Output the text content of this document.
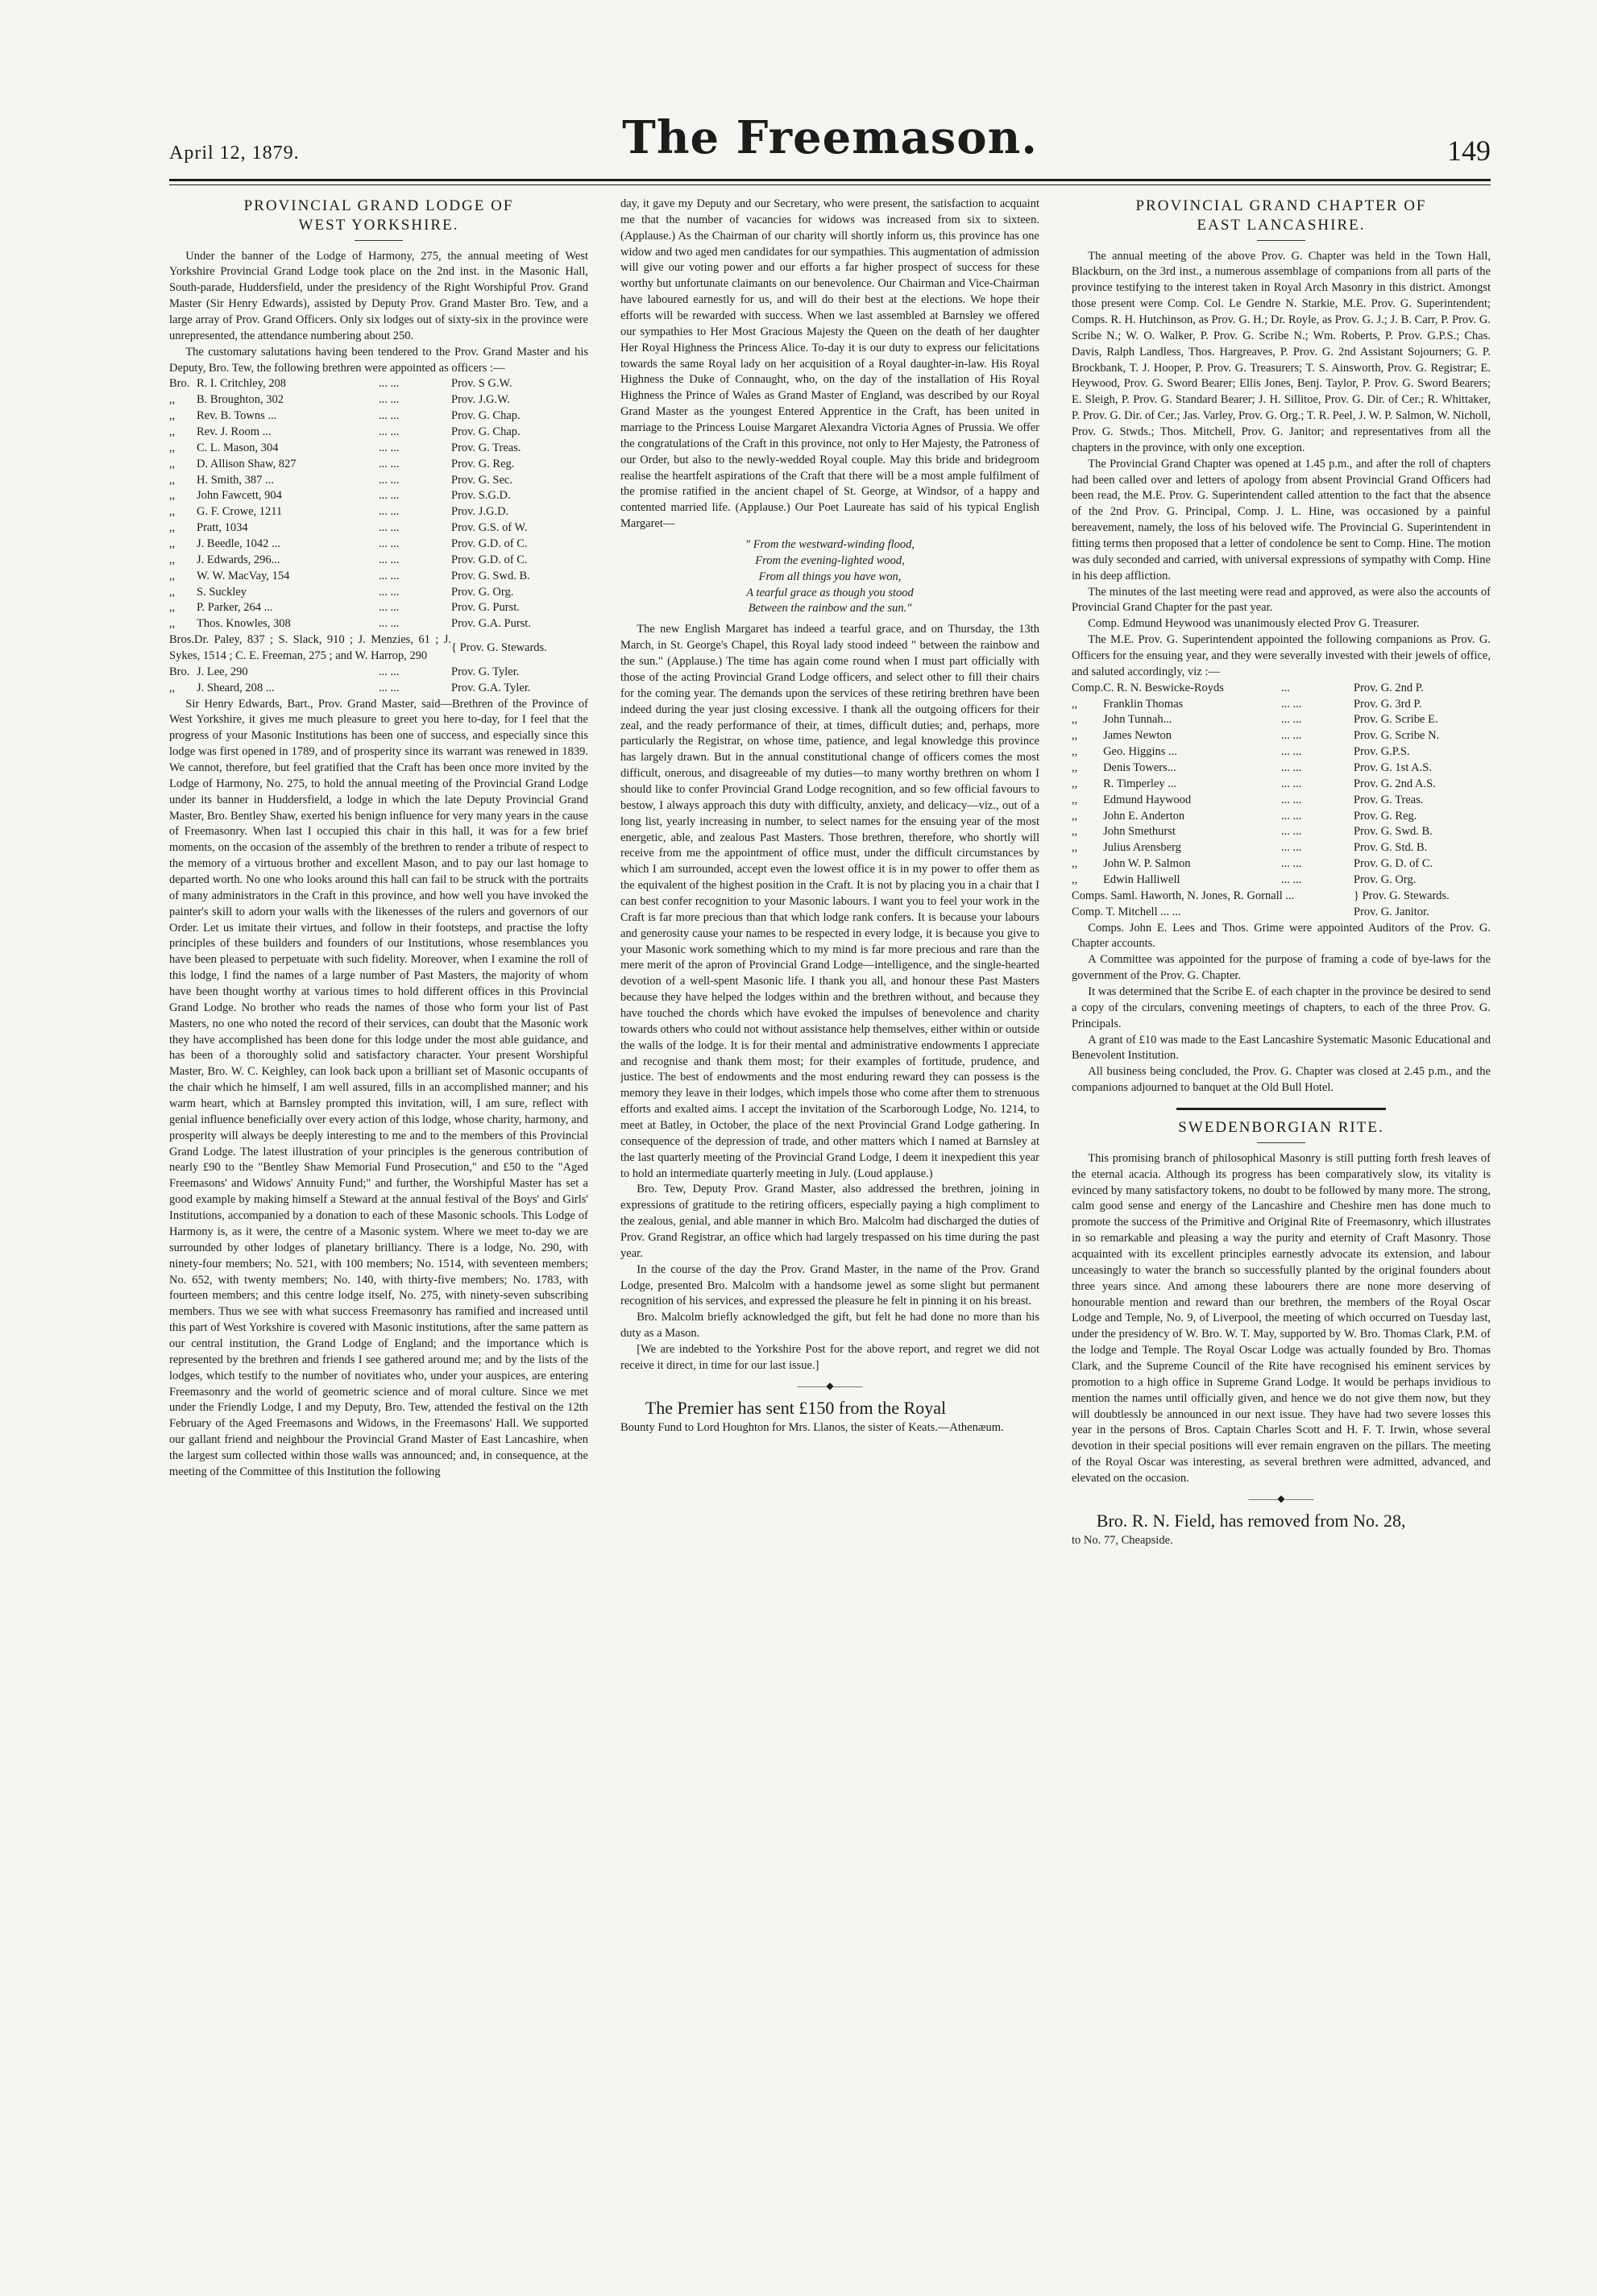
April 12, 1879.	The Freemason.	149
PROVINCIAL GRAND LODGE OF
WEST YORKSHIRE.

Under the banner of the Lodge of Harmony, 275, the annual meeting of West Yorkshire Provincial Grand Lodge took place on the 2nd inst. in the Masonic Hall, South-parade, Huddersfield, under the presidency of the Right Worshipful Prov. Grand Master (Sir Henry Edwards), assisted by Deputy Prov. Grand Master Bro. Tew, and a large array of Prov. Grand Officers. Only six lodges out of sixty-six in the province were unrepresented, the attendance numbering about 250.

The customary salutations having been tendered to the Prov. Grand Master and his Deputy, Bro. Tew, the following brethren were appointed as officers :—

Bro.	R. I. Critchley, 208	... ...	Prov. S G.W.
,,	B. Broughton, 302	... ...	Prov. J.G.W.
,,	Rev. B. Towns ...	... ...	Prov. G. Chap.
,,	Rev. J. Room ...	... ...	Prov. G. Chap.
,,	C. L. Mason, 304	... ...	Prov. G. Treas.
,,	D. Allison Shaw, 827	... ...	Prov. G. Reg.
,,	H. Smith, 387 ...	... ...	Prov. G. Sec.
,,	John Fawcett, 904	... ...	Prov. S.G.D.
,,	G. F. Crowe, 1211	... ...	Prov. J.G.D.
,,	Pratt, 1034	... ...	Prov. G.S. of W.
,,	J. Beedle, 1042 ...	... ...	Prov. G.D. of C.
,,	J. Edwards, 296...	... ...	Prov. G.D. of C.
,,	W. W. MacVay, 154	... ...	Prov. G. Swd. B.
,,	S. Suckley	... ...	Prov. G. Org.
,,	P. Parker, 264 ...	... ...	Prov. G. Purst.
,,	Thos. Knowles, 308	... ...	Prov. G.A. Purst.
Bros.Dr. Paley, 837 ; S. Slack, 910 ; J. Menzies, 61 ; J. Sykes, 1514 ; C. E. Freeman, 275 ; and W. Harrop, 290	{ Prov. G. Stewards.
Bro.	J. Lee, 290	... ...	Prov. G. Tyler.
,,	J. Sheard, 208 ...	... ...	Prov. G.A. Tyler.

Sir Henry Edwards, Bart., Prov. Grand Master, said—Brethren of the Province of West Yorkshire, it gives me much pleasure to greet you here to-day, for I feel that the progress of your Masonic Institutions has been one of success, and especially since this lodge was first opened in 1789, and of prosperity since its warrant was renewed in 1839. We cannot, therefore, but feel gratified that the Craft has been once more invited by the Lodge of Harmony, No. 275, to hold the annual meeting of the Provincial Grand Lodge under its banner in Huddersfield, a lodge in which the late Deputy Provincial Grand Master, Bro. Bentley Shaw, exerted his benign influence for very many years in the cause of Freemasonry. When last I occupied this chair in this hall, it was for a few brief moments, on the occasion of the assembly of the brethren to render a tribute of respect to the memory of a virtuous brother and excellent Mason, and to pay our last homage to departed worth. No one who looks around this hall can fail to be struck with the portraits of many administrators in the Craft in this province, and how well you have invoked the painter's skill to adorn your walls with the likenesses of the rulers and governors of our Order. Let us imitate their virtues, and follow in their footsteps, and practise the lofty principles of these builders and founders of our Institutions, whose resemblances you have been pleased to perpetuate with such fidelity. Moreover, when I examine the roll of this lodge, I find the names of a large number of Past Masters, the majority of whom have been thought worthy at various times to hold different offices in this Provincial Grand Lodge. No brother who reads the names of those who form your list of Past Masters, no one who noted the record of their services, can doubt that the Masonic work they have accomplished has been done for this lodge under the most able guidance, and has been of a thoroughly solid and satisfactory character. Your present Worshipful Master, Bro. W. C. Keighley, can look back upon a brilliant set of Masonic occupants of the chair which he himself, I am well assured, fills in an accomplished manner; and his warm heart, which at Barnsley prompted this invitation, will, I am sure, reflect with genial influence beneficially over every action of this lodge, whose charity, harmony, and prosperity will always be deeply interesting to me and to the members of this Provincial Grand Lodge. The latest illustration of your principles is the generous contribution of nearly £90 to the "Bentley Shaw Memorial Fund Prosecution," and £50 to the "Aged Freemasons' and Widows' Annuity Fund;" and further, the Worshipful Master has set a good example by making himself a Steward at the annual festival of the Boys' and Girls' Institutions, accompanied by a donation to each of these Masonic schools. This Lodge of Harmony is, as it were, the centre of a Masonic system. Where we meet to-day we are surrounded by other lodges of planetary brilliancy. There is a lodge, No. 290, with ninety-four members; No. 521, with 100 members; No. 1514, with seventeen members; No. 652, with twenty members; No. 140, with thirty-five members; No. 1783, with fourteen members; and this centre lodge itself, No. 275, with ninety-seven subscribing members. Thus we see with what success Freemasonry has ramified and increased until this part of West Yorkshire is covered with Masonic institutions, after the same pattern as our central institution, the Grand Lodge of England; and the importance which is represented by the brethren and friends I see gathered around me; and by the lists of the lodges, which testify to the number of novitiates who, under your auspices, are entering Freemasonry and the world of geometric science and of moral culture. Since we met under the Friendly Lodge, I and my Deputy, Bro. Tew, attended the festival on the 12th February of the Aged Freemasons and Widows, in the Freemasons' Hall. We supported our gallant friend and neighbour the Provincial Grand Master of East Lancashire, when the largest sum collected within those walls was announced; and, in consequence, at the meeting of the Committee of this Institution the following

day, it gave my Deputy and our Secretary, who were present, the satisfaction to acquaint me that the number of vacancies for widows was increased from six to sixteen. (Applause.) As the Chairman of our charity will shortly inform us, this province has one widow and two aged men candidates for our sympathies. This augmentation of admission will give our voting power and our efforts a far higher prospect of success for these worthy but unfortunate claimants on our benevolence. Our Chairman and Vice-Chairman have laboured earnestly for us, and will do their best at the elections. We hope their efforts will be rewarded with success. When we last assembled at Barnsley we offered our sympathies to Her Most Gracious Majesty the Queen on the death of her daughter Her Royal Highness the Princess Alice. To-day it is our duty to express our felicitations towards the same Royal lady on her acquisition of a Royal daughter-in-law. His Royal Highness the Duke of Connaught, who, on the day of the installation of His Royal Highness the Prince of Wales as Grand Master of England, was described by our Royal Grand Master as the youngest Entered Apprentice in the Craft, has been united in marriage to the Princess Louise Margaret Alexandra Victoria Agnes of Prussia. We offer the congratulations of the Craft in this province, not only to Her Majesty, the Patroness of our Order, but also to the newly-wedded Royal couple. May this bride and bridegroom realise the heartfelt aspirations of the Craft that there will be a most ample fulfilment of the promise ratified in the ancient chapel of St. George, at Windsor, of a happy and contented married life. (Applause.) Our Poet Laureate has said of his typical English Margaret—

" From the westward-winding flood,
From the evening-lighted wood,
From all things you have won,
A tearful grace as though you stood
Between the rainbow and the sun."

The new English Margaret has indeed a tearful grace, and on Thursday, the 13th March, in St. George's Chapel, this Royal lady stood indeed " between the rainbow and the sun." (Applause.) The time has again come round when I must part officially with those of the acting Provincial Grand Lodge officers, and select other to fill their chairs for the coming year. The demands upon the services of these retiring brethren have been indeed during the year just closing excessive. I thank all the outgoing officers for their zeal, and the ready performance of their, at times, difficult duties; and, perhaps, more particularly the Registrar, on whose time, patience, and legal knowledge this province has largely drawn. But in the annual constitutional change of officers comes the most difficult, onerous, and disagreeable of my duties—to many worthy brethren on whom I should like to confer Provincial Grand Lodge recognition, and so few official favours to bestow, I always approach this duty with difficulty, anxiety, and delicacy—viz., out of a long list, yearly increasing in number, to select names for the ensuing year of the most energetic, able, and zealous Past Masters. Those brethren, therefore, who shortly will receive from me the appointment of office must, under the difficult circumstances by which I am surrounded, accept even the lowest office it is in my power to offer them as the equivalent of the highest position in the Craft. It is not by placing you in a chair that I can best confer recognition to your Masonic labours. I want you to feel your work in the Craft is far more precious than that which lodge rank confers. It is because your labours and generosity cause your names to be respected in every lodge, it is because you give to your Masonic work something which to my mind is far more precious and rare than the mere merit of the apron of Provincial Grand Lodge—intelligence, and the single-hearted devotion of a well-spent Masonic life. I thank you all, and honour these Past Masters because they have helped the lodges within and the brethren without, and because they have touched the chords which have evoked the impulses of benevolence and charity towards others who could not without assistance help themselves, either within or outside the walls of the lodge. It is for their mental and administrative endowments I appreciate and recognise and thank them most; for their examples of fortitude, prudence, and justice. The best of endowments and the most enduring reward they can possess is the memory they leave in their lodges, which impels those who come after them to strenuous efforts and exalted aims. I accept the invitation of the Scarborough Lodge, No. 1214, to meet at Batley, in October, the place of the next Provincial Grand Lodge gathering. In consequence of the depression of trade, and other matters which I named at Barnsley at the last quarterly meeting of the Provincial Grand Lodge, I deem it inexpedient this year to hold an intermediate quarterly meeting in July. (Loud applause.)

Bro. Tew, Deputy Prov. Grand Master, also addressed the brethren, joining in expressions of gratitude to the retiring officers, especially paying a high compliment to the zealous, genial, and able manner in which Bro. Malcolm had discharged the duties of Prov. Grand Registrar, an office which had largely trespassed on his time during the past year.

In the course of the day the Prov. Grand Master, in the name of the Prov. Grand Lodge, presented Bro. Malcolm with a handsome jewel as some slight but permanent recognition of his services, and expressed the pleasure he felt in pinning it on his breast.

Bro. Malcolm briefly acknowledged the gift, but felt he had done no more than his duty as a Mason.

[We are indebted to the Yorkshire Post for the above report, and regret we did not receive it direct, in time for our last issue.]

———◆———

The Premier has sent £150 from the Royal

Bounty Fund to Lord Houghton for Mrs. Llanos, the sister of Keats.—Athenæum.

PROVINCIAL GRAND CHAPTER OF
EAST LANCASHIRE.

The annual meeting of the above Prov. G. Chapter was held in the Town Hall, Blackburn, on the 3rd inst., a numerous assemblage of companions from all parts of the province testifying to the interest taken in Royal Arch Masonry in this district. Amongst those present were Comp. Col. Le Gendre N. Starkie, M.E. Prov. G. Superintendent; Comps. R. H. Hutchinson, as Prov. G. H.; Dr. Royle, as Prov. G. J.; J. B. Carr, P. Prov. G. Scribe N.; W. O. Walker, P. Prov. G. Scribe N.; Wm. Roberts, P. Prov. G.P.S.; Chas. Davis, Ralph Landless, Thos. Hargreaves, P. Prov. G. 2nd Assistant Sojourners; G. P. Brockbank, T. J. Hooper, P. Prov. G. Treasurers; T. S. Ainsworth, Prov. G. Registrar; E. Heywood, Prov. G. Sword Bearer; Ellis Jones, Benj. Taylor, P. Prov. G. Sword Bearers; E. Sleigh, P. Prov. G. Standard Bearer; J. H. Sillitoe, Prov. G. Dir. of Cer.; R. Whittaker, P. Prov. G. Dir. of Cer.; Jas. Varley, Prov. G. Org.; T. R. Peel, J. W. P. Salmon, W. Nicholl, Prov. G. Stwds.; Thos. Mitchell, Prov. G. Janitor; and representatives from all the chapters in the province, with only one exception.

The Provincial Grand Chapter was opened at 1.45 p.m., and after the roll of chapters had been called over and letters of apology from absent Provincial Grand Officers had been read, the M.E. Prov. G. Superintendent called attention to the fact that the absence of the 2nd Prov. G. Principal, Comp. J. L. Hine, was occasioned by a painful bereavement, namely, the loss of his beloved wife. The Provincial G. Superintendent in fitting terms then proposed that a letter of condolence be sent to Comp. Hine. The motion was duly seconded and carried, with universal expressions of sympathy with Comp. Hine in his deep affliction.

The minutes of the last meeting were read and approved, as were also the accounts of Provincial Grand Chapter for the past year.

Comp. Edmund Heywood was unanimously elected Prov G. Treasurer.

The M.E. Prov. G. Superintendent appointed the following companions as Prov. G. Officers for the ensuing year, and they were severally invested with their jewels of office, and saluted accordingly, viz :—

Comp.	C. R. N. Beswicke-Royds	...	Prov. G. 2nd P.
,,	Franklin Thomas	... ...	Prov. G. 3rd P.
,,	John Tunnah...	... ...	Prov. G. Scribe E.
,,	James Newton	... ...	Prov. G. Scribe N.
,,	Geo. Higgins ...	... ...	Prov. G.P.S.
,,	Denis Towers...	... ...	Prov. G. 1st A.S.
,,	R. Timperley ...	... ...	Prov. G. 2nd A.S.
,,	Edmund Haywood	... ...	Prov. G. Treas.
,,	John E. Anderton	... ...	Prov. G. Reg.
,,	John Smethurst	... ...	Prov. G. Swd. B.
,,	Julius Arensberg	... ...	Prov. G. Std. B.
,,	John W. P. Salmon	... ...	Prov. G. D. of C.
,,	Edwin Halliwell	... ...	Prov. G. Org.
Comps. Saml. Haworth, N. Jones, R. Gornall ...	} Prov. G. Stewards.
Comp. T. Mitchell ... ...	Prov. G. Janitor.

Comps. John E. Lees and Thos. Grime were appointed Auditors of the Prov. G. Chapter accounts.

A Committee was appointed for the purpose of framing a code of bye-laws for the government of the Prov. G. Chapter.

It was determined that the Scribe E. of each chapter in the province be desired to send a copy of the circulars, convening meetings of chapters, to each of the three Prov. G. Principals.

A grant of £10 was made to the East Lancashire Systematic Masonic Educational and Benevolent Institution.

All business being concluded, the Prov. G. Chapter was closed at 2.45 p.m., and the companions adjourned to banquet at the Old Bull Hotel.

SWEDENBORGIAN RITE.

This promising branch of philosophical Masonry is still putting forth fresh leaves of the eternal acacia. Although its progress has been comparatively slow, its vitality is evinced by many satisfactory tokens, no doubt to be followed by many more. The strong, calm good sense and energy of the Lancashire and Cheshire men has done much to promote the success of the Primitive and Original Rite of Freemasonry, which illustrates in so remarkable and pleasing a way the purity and eternity of Craft Masonry. Those acquainted with its excellent principles earnestly advocate its extension, and labour unceasingly to water the branch so successfully planted by the original founders about three years since. And among these labourers there are none more deserving of honourable mention and reward than our brethren, the members of the Royal Oscar Lodge and Temple, No. 9, of Liverpool, the meeting of which occurred on Tuesday last, under the presidency of W. Bro. W. T. May, supported by W. Bro. Thomas Clark, P.M. of the lodge and Temple. The Royal Oscar Lodge was actually founded by Bro. Thomas Clark, and the Supreme Council of the Rite have recognised his eminent services by promotion to a high office in Supreme Grand Lodge. It would be perhaps invidious to mention the names until officially given, and hence we do not give them now, but they will doubtlessly be announced in our next issue. They have had two severe losses this year in the persons of Bros. Captain Charles Scott and H. F. T. Irwin, whose several devotion in their special positions will ever remain engraven on the pillars. The meeting of the Royal Oscar was interesting, as several brethren were admitted, advanced, and elevated on the occasion.

———◆———

Bro. R. N. Field, has removed from No. 28,

to No. 77, Cheapside.
